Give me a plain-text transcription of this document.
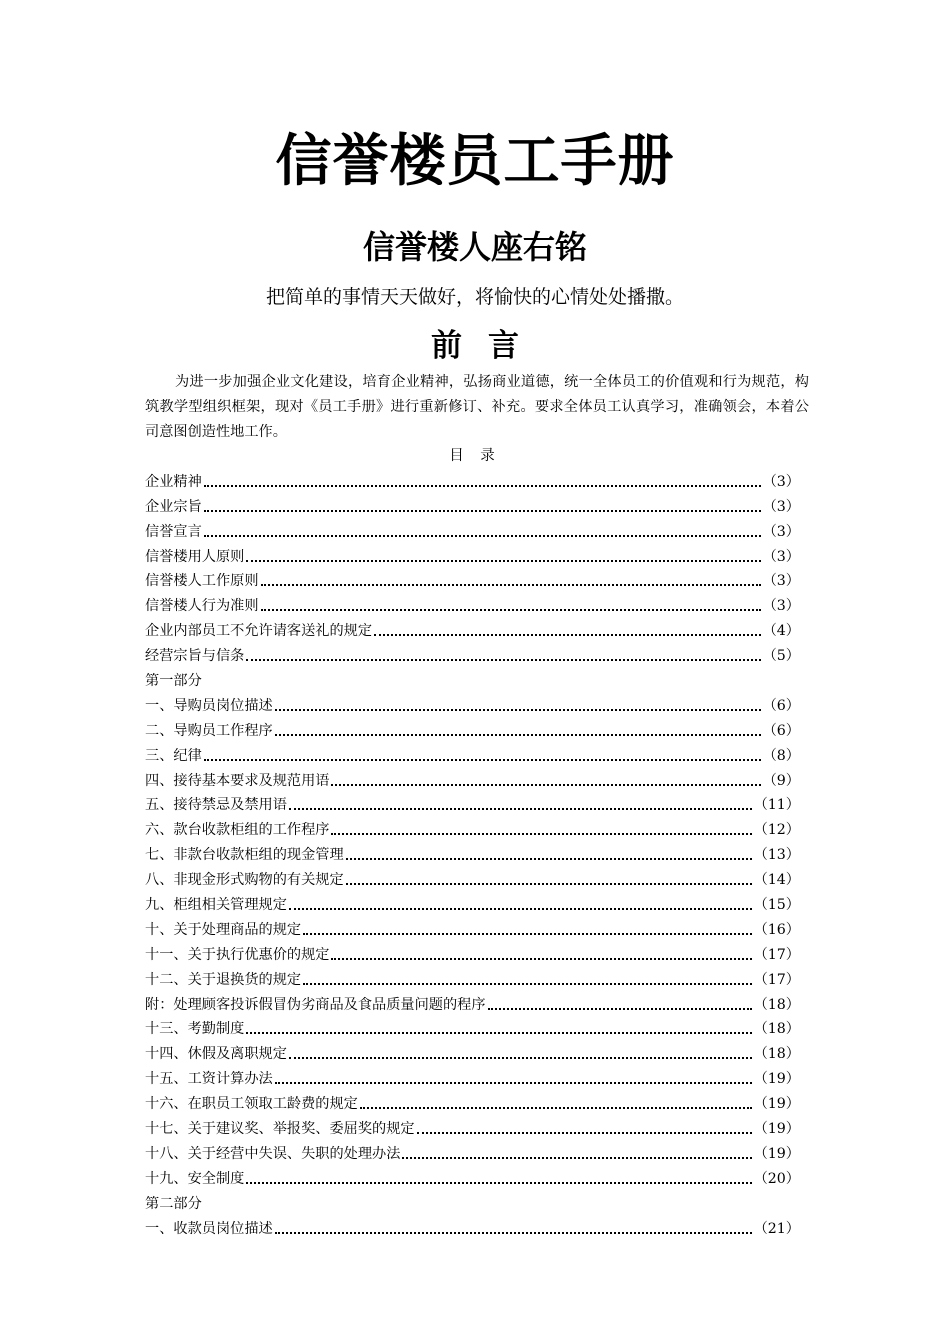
信誉楼员工手册
信誉楼人座右铭
把简单的事情天天做好，将愉快的心情处处播撒。
前言
为进一步加强企业文化建设，培育企业精神，弘扬商业道德，统一全体员工的价值观和行为规范，构筑教学型组织框架，现对《员工手册》进行重新修订、补充。要求全体员工认真学习，准确领会，本着公司意图创造性地工作。
目 录
企业精神	（3）
企业宗旨	（3）
信誉宣言	（3）
信誉楼用人原则	（3）
信誉楼人工作原则	（3）
信誉楼人行为准则	（3）
企业内部员工不允许请客送礼的规定	（4）
经营宗旨与信条	（5）
第一部分
一、导购员岗位描述	（6）
二、导购员工作程序	（6）
三、纪律	（8）
四、接待基本要求及规范用语	（9）
五、接待禁忌及禁用语	（11）
六、款台收款柜组的工作程序	（12）
七、非款台收款柜组的现金管理	（13）
八、非现金形式购物的有关规定	（14）
九、柜组相关管理规定	（15）
十、关于处理商品的规定	（16）
十一、关于执行优惠价的规定	（17）
十二、关于退换货的规定	（17）
附：处理顾客投诉假冒伪劣商品及食品质量问题的程序	（18）
十三、考勤制度	（18）
十四、休假及离职规定	（18）
十五、工资计算办法	（19）
十六、在职员工领取工龄费的规定	（19）
十七、关于建议奖、举报奖、委屈奖的规定	（19）
十八、关于经营中失误、失职的处理办法	（19）
十九、安全制度	（20）
第二部分
一、收款员岗位描述	（21）
